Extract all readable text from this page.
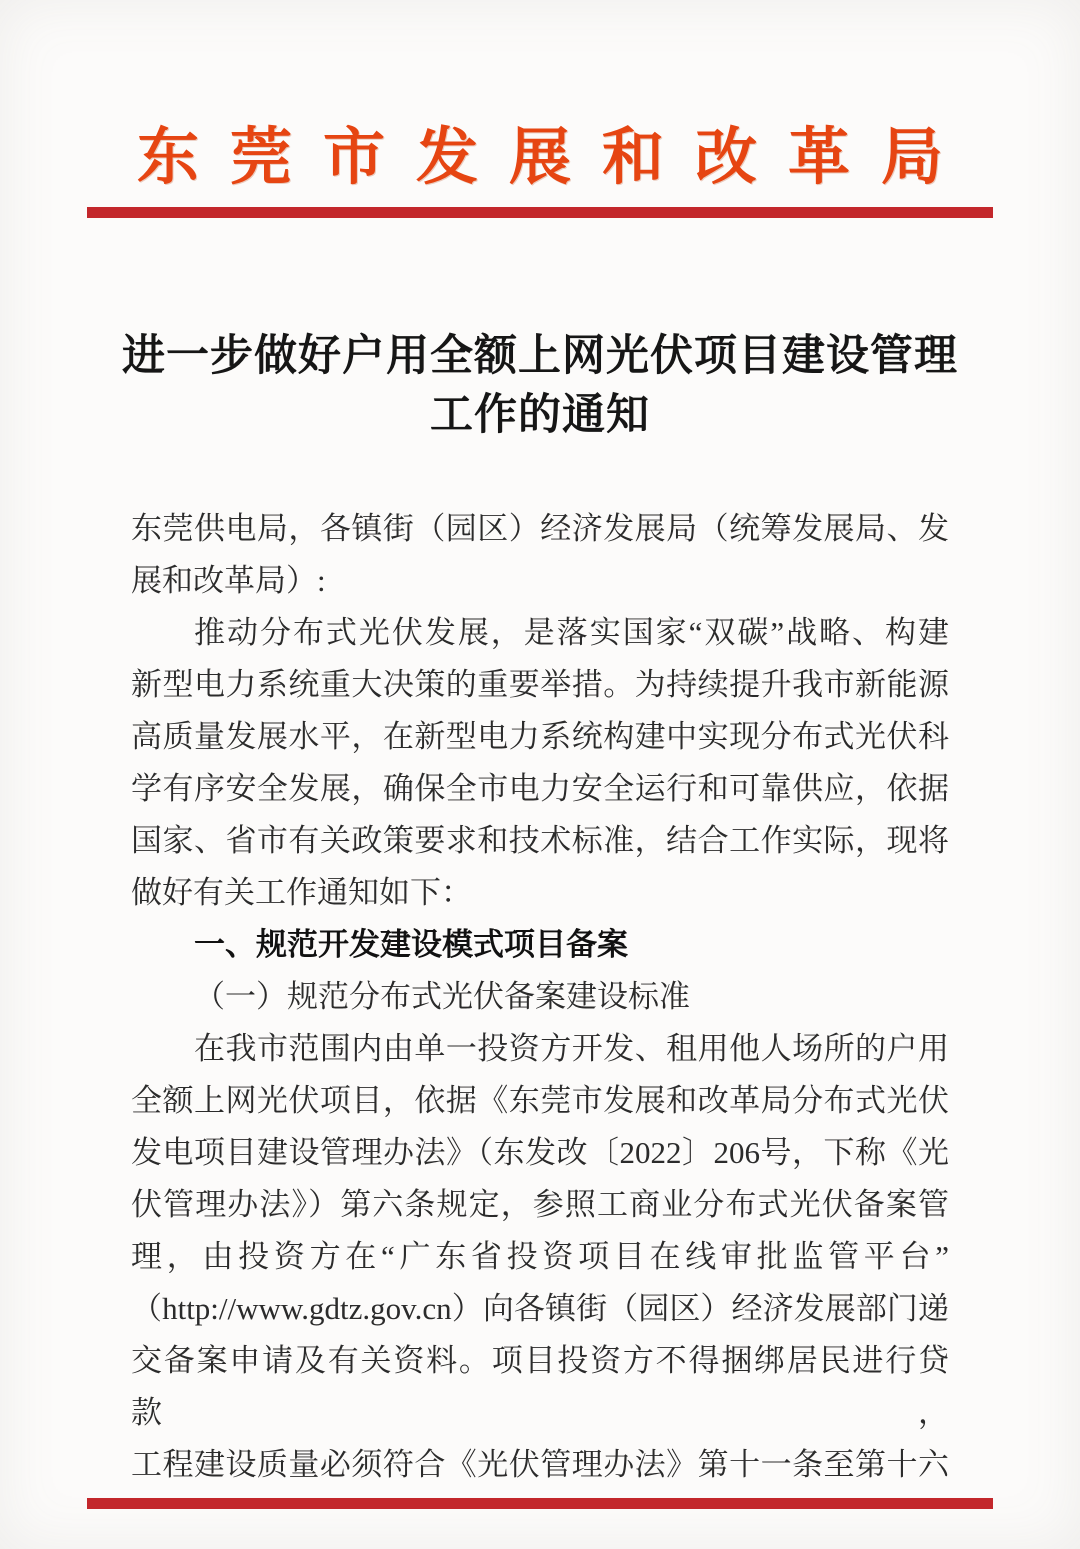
东莞市发展和改革局
进一步做好户用全额上网光伏项目建设管理
工作的通知
东莞供电局，各镇街（园区）经济发展局（统筹发展局、发
展和改革局）:
推动分布式光伏发展，是落实国家“双碳”战略、构建
新型电力系统重大决策的重要举措。为持续提升我市新能源
高质量发展水平，在新型电力系统构建中实现分布式光伏科
学有序安全发展，确保全市电力安全运行和可靠供应，依据
国家、省市有关政策要求和技术标准，结合工作实际，现将
做好有关工作通知如下：
一、规范开发建设模式项目备案
（一）规范分布式光伏备案建设标准
在我市范围内由单一投资方开发、租用他人场所的户用
全额上网光伏项目，依据《东莞市发展和改革局分布式光伏
发电项目建设管理办法》（东发改〔2022〕206号，下称《光
伏管理办法》）第六条规定，参照工商业分布式光伏备案管
理，由投资方在“广东省投资项目在线审批监管平台”
（http://www.gdtz.gov.cn）向各镇街（园区）经济发展部门递
交备案申请及有关资料。项目投资方不得捆绑居民进行贷款，
工程建设质量必须符合《光伏管理办法》第十一条至第十六
